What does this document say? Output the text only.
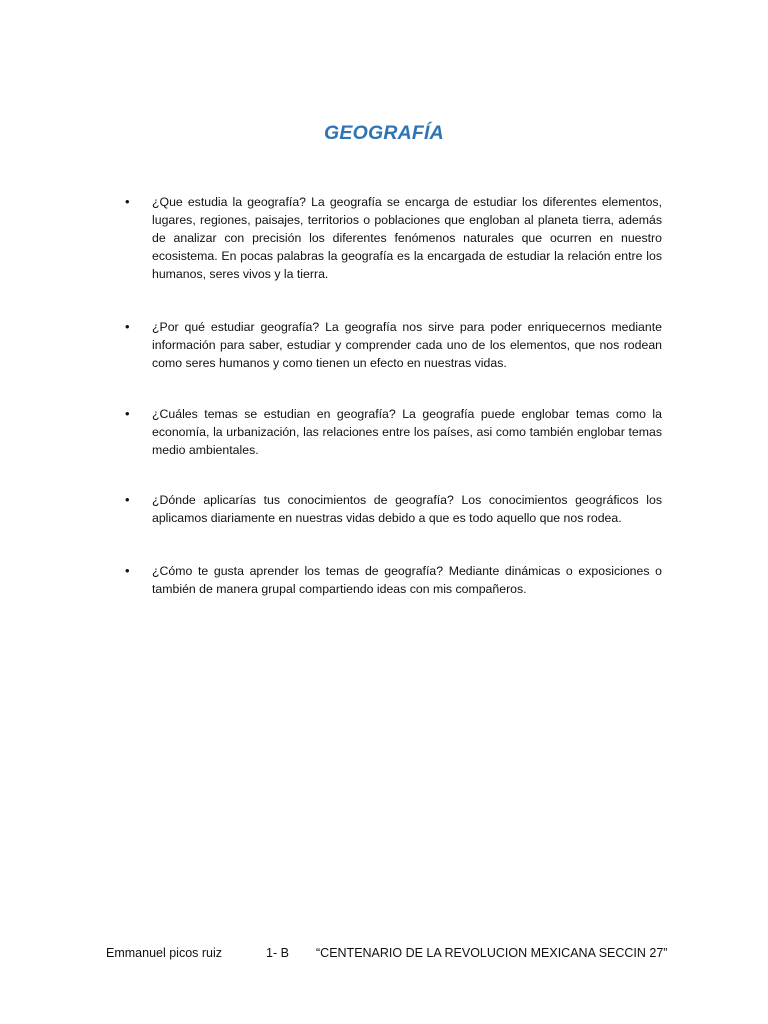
GEOGRAFÍA
• ¿Que estudia la geografía? La geografía se encarga de estudiar los diferentes elementos, lugares, regiones, paisajes, territorios o poblaciones que engloban al planeta tierra, además de analizar con precisión los diferentes fenómenos naturales que ocurren en nuestro ecosistema. En pocas palabras la geografía es la encargada de estudiar la relación entre los humanos, seres vivos y la tierra.
• ¿Por qué estudiar geografía? La geografía nos sirve para poder enriquecernos mediante información para saber, estudiar y comprender cada uno de los elementos, que nos rodean como seres humanos y como tienen un efecto en nuestras vidas.
• ¿Cuáles temas se estudian en geografía? La geografía puede englobar temas como la economía, la urbanización, las relaciones entre los países, asi como también englobar temas medio ambientales.
• ¿Dónde aplicarías tus conocimientos de geografía? Los conocimientos geográficos los aplicamos diariamente en nuestras vidas debido a que es todo aquello que nos rodea.
• ¿Cómo te gusta aprender los temas de geografía? Mediante dinámicas o exposiciones o también de manera grupal compartiendo ideas con mis compañeros.
Emmanuel picos ruiz	1- B “CENTENARIO DE LA REVOLUCION MEXICANA SECCIN 27”
